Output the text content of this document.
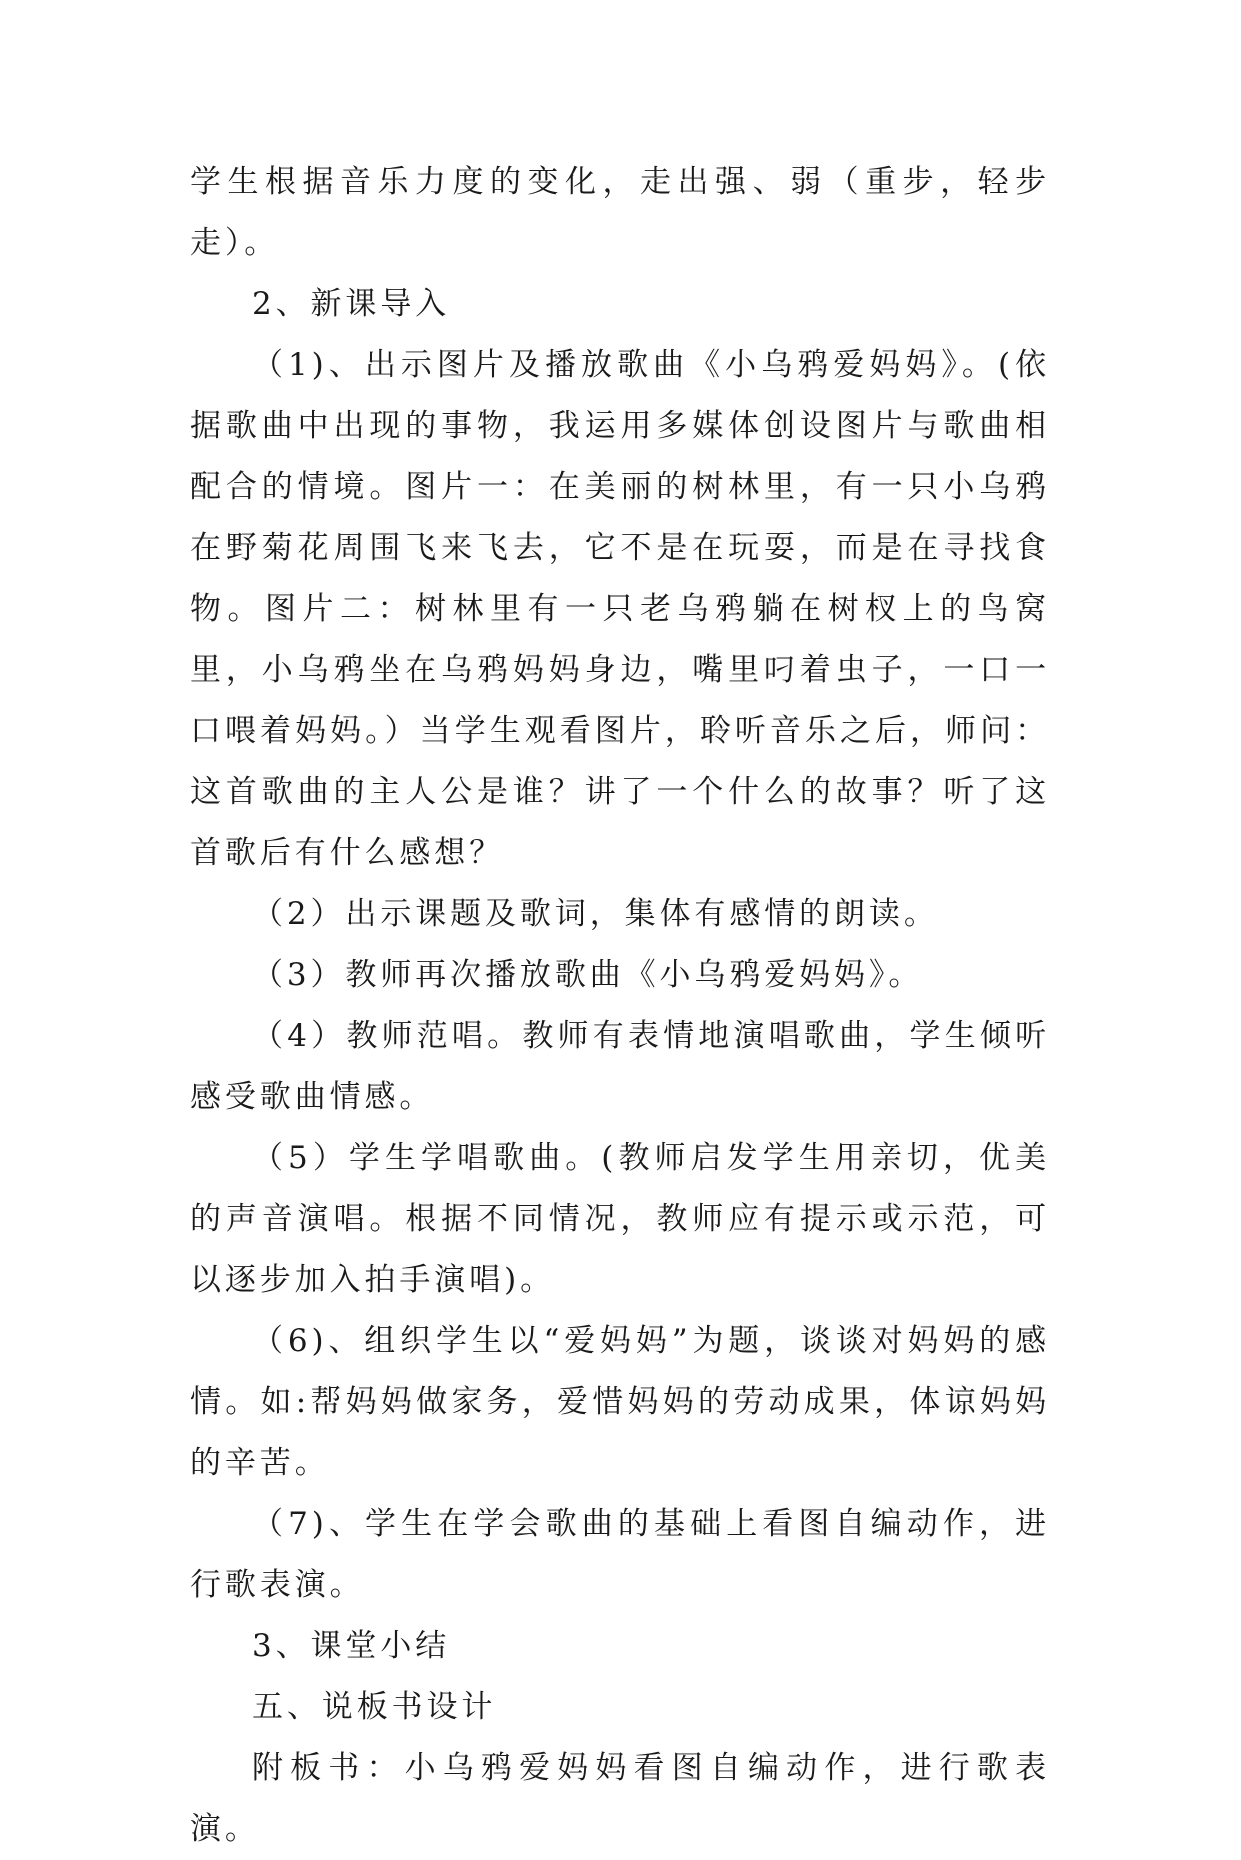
学生根据音乐力度的变化，走出强、弱（重步，轻步走）。

2、新课导入

（1)、出示图片及播放歌曲《小乌鸦爱妈妈》。(依据歌曲中出现的事物，我运用多媒体创设图片与歌曲相配合的情境。图片一：在美丽的树林里，有一只小乌鸦在野菊花周围飞来飞去，它不是在玩耍，而是在寻找食物。图片二：树林里有一只老乌鸦躺在树杈上的鸟窝里，小乌鸦坐在乌鸦妈妈身边，嘴里叼着虫子，一口一口喂着妈妈。）当学生观看图片，聆听音乐之后，师问：这首歌曲的主人公是谁？讲了一个什么的故事？听了这首歌后有什么感想？

（2）出示课题及歌词，集体有感情的朗读。

（3）教师再次播放歌曲《小乌鸦爱妈妈》。

（4）教师范唱。教师有表情地演唱歌曲，学生倾听感受歌曲情感。

（5）学生学唱歌曲。(教师启发学生用亲切，优美的声音演唱。根据不同情况，教师应有提示或示范，可以逐步加入拍手演唱)。

（6)、组织学生以“爱妈妈”为题，谈谈对妈妈的感情。如:帮妈妈做家务，爱惜妈妈的劳动成果，体谅妈妈的辛苦。

（7)、学生在学会歌曲的基础上看图自编动作，进行歌表演。

3、课堂小结

五、说板书设计

附板书：小乌鸦爱妈妈看图自编动作，进行歌表演。
